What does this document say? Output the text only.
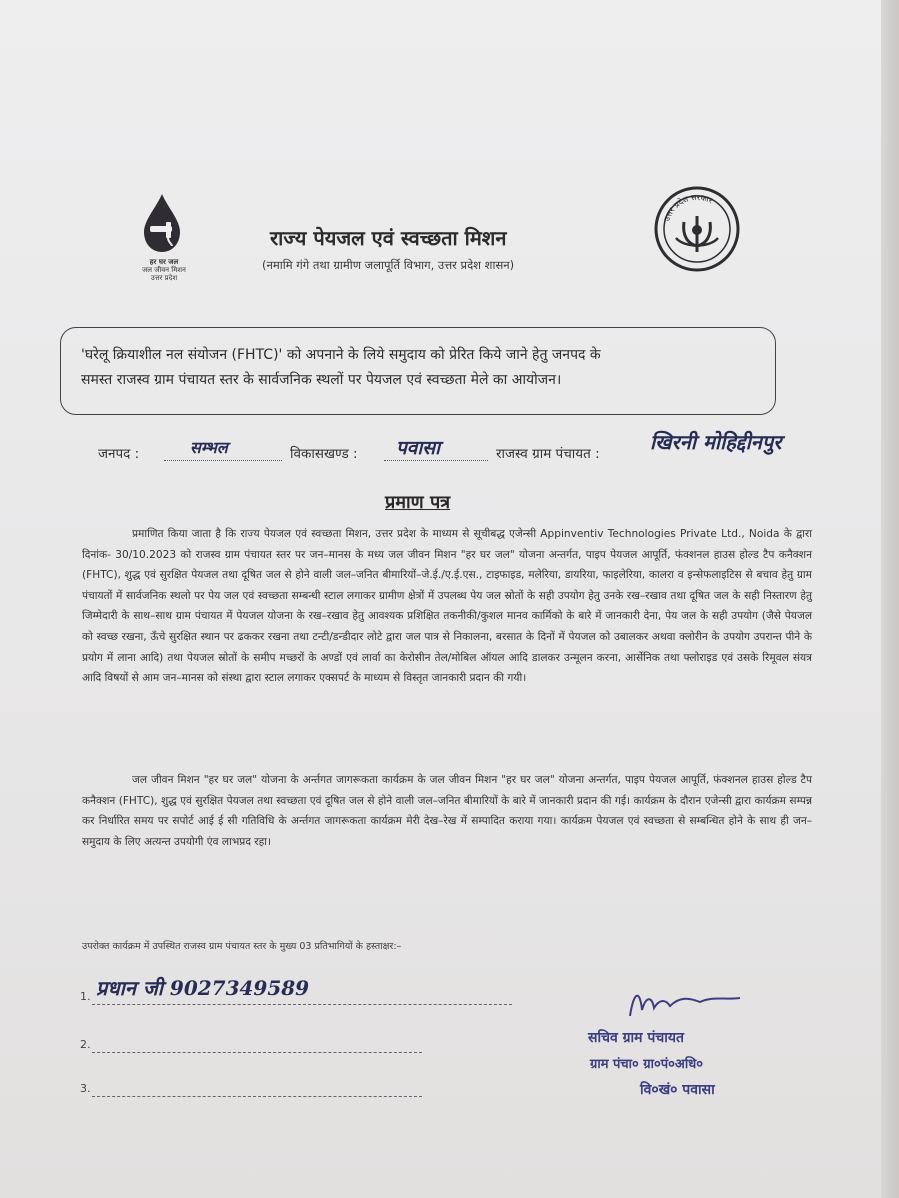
हर घर जल
जल जीवन मिशन
उत्तर प्रदेश
उत्तर प्रदेश सरकार
राज्य पेयजल एवं स्वच्छता मिशन
(नमामि गंगे तथा ग्रामीण जलापूर्ति विभाग, उत्तर प्रदेश शासन)
'घरेलू क्रियाशील नल संयोजन (FHTC)' को अपनाने के लिये समुदाय को प्रेरित किये जाने हेतु जनपद के
समस्त राजस्व ग्राम पंचायत स्तर के सार्वजनिक स्थलों पर पेयजल एवं स्वच्छता मेले का आयोजन।
जनपद :	सम्भल	विकासखण्ड : पवासा	राजस्व ग्राम पंचायत :	खिरनी मोहिद्दीनपुर
प्रमाण पत्र
प्रमाणित किया जाता है कि राज्य पेयजल एवं स्वच्छता मिशन, उत्तर प्रदेश के माध्यम से सूचीबद्ध एजेन्सी Appinventiv Technologies Private Ltd., Noida के द्वारा दिनांक- 30/10.2023 को राजस्व ग्राम पंचायत स्तर पर जन–मानस के मध्य जल जीवन मिशन "हर घर जल" योजना अन्तर्गत, पाइप पेयजल आपूर्ति, फंक्शनल हाउस होल्ड टैप कनैक्शन (FHTC), शुद्ध एवं सुरक्षित पेयजल तथा दूषित जल से होने वाली जल–जनित बीमारियों–जे.ई./ए.ई.एस., टाइफाइड, मलेरिया, डायरिया, फाइलेरिया, कालरा व इन्सेफलाइटिस से बचाव हेतु ग्राम पंचायतों में सार्वजनिक स्थलो पर पेय जल एवं स्वच्छता सम्बन्धी स्टाल लगाकर ग्रामीण क्षेत्रों में उपलब्ध पेय जल स्रोतों के सही उपयोग हेतु उनके रख–रखाव तथा दूषित जल के सही निस्तारण हेतु जिम्मेदारी के साथ–साथ ग्राम पंचायत में पेयजल योजना के रख–रखाव हेतु आवश्यक प्रशिक्षित तकनीकी/कुशल मानव कार्मिको के बारे में जानकारी देना, पेय जल के सही उपयोग (जैसे पेयजल को स्वच्छ रखना, ऊँचे सुरक्षित स्थान पर ढककर रखना तथा टन्टी/डन्डीदार लोटे द्वारा जल पात्र से निकालना, बरसात के दिनों में पेयजल को उबालकर अथवा क्लोरीन के उपयोग उपरान्त पीने के प्रयोग में लाना आदि) तथा पेयजल स्रोतों के समीप मच्छरों के अण्डों एवं लार्वा का केरोसीन तेल/मोबिल ऑयल आदि डालकर उन्मूलन करना, आर्सेनिक तथा फ्लोराइड एवं उसके रिमूवल संयत्र आदि विषयों से आम जन–मानस को संस्था द्वारा स्टाल लगाकर एक्सपर्ट के माध्यम से विस्तृत जानकारी प्रदान की गयी।
जल जीवन मिशन "हर घर जल" योजना के अर्न्तगत जागरूकता कार्यक्रम के जल जीवन मिशन "हर घर जल" योजना अन्तर्गत, पाइप पेयजल आपूर्ति, फंक्शनल हाउस होल्ड टैप कनैक्शन (FHTC), शुद्ध एवं सुरक्षित पेयजल तथा स्वच्छता एवं दूषित जल से होने वाली जल–जनित बीमारियों के बारे में जानकारी प्रदान की गई। कार्यक्रम के दौरान एजेन्सी द्वारा कार्यक्रम सम्पन्न कर निर्धारित समय पर सपोर्ट आई ई सी गतिविधि के अर्न्तगत जागरूकता कार्यक्रम मेरी देख–रेख में सम्पादित कराया गया। कार्यक्रम पेयजल एवं स्वच्छता से सम्बन्धित होने के साथ ही जन–समुदाय के लिए अत्यन्त उपयोगी एंव लाभप्रद रहा।
उपरोक्त कार्यक्रम में उपस्थित राजस्व ग्राम पंचायत स्तर के मुख्य 03 प्रतिभागियों के हस्ताक्षर:–
1. प्रधान जी 9027349589
2.
3.
सचिव ग्राम पंचायत
ग्राम पंचा० ग्रा०पं०अधि०
वि०खं० पवासा
